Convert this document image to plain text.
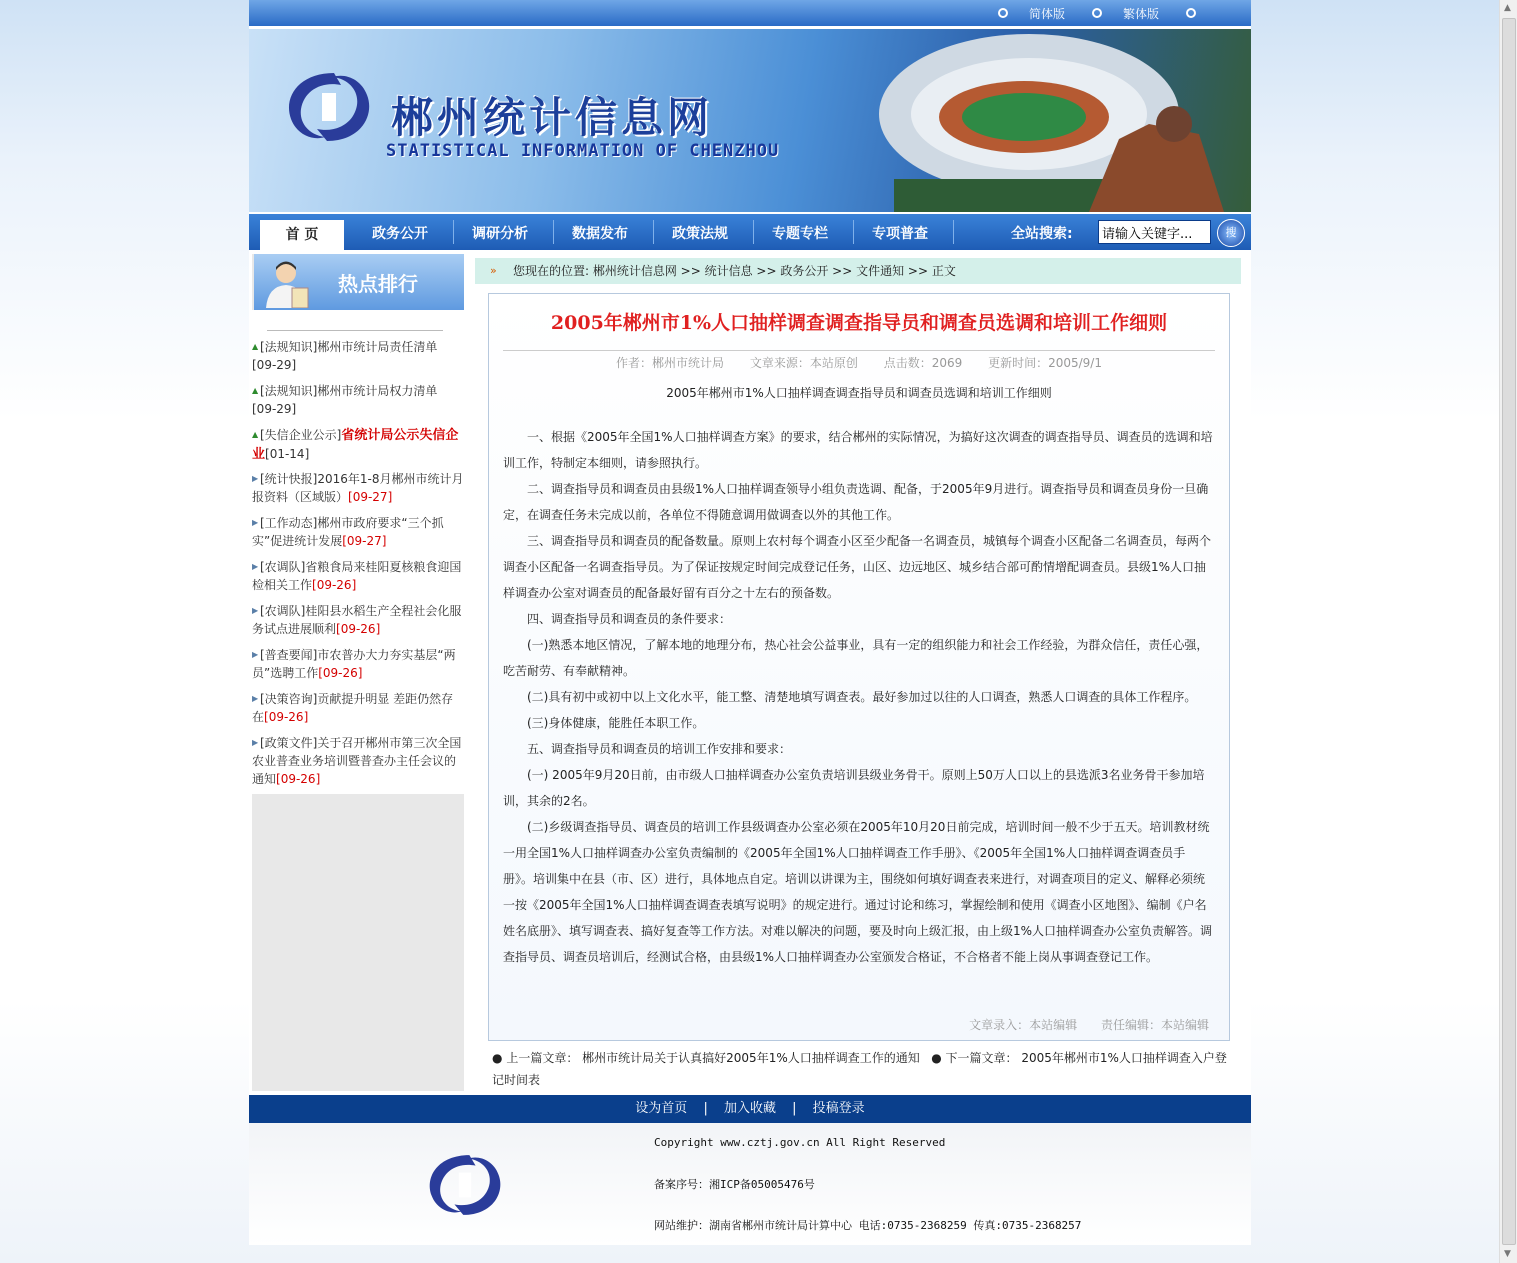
简体版	繁体版
郴州统计信息网
STATISTICAL INFORMATION OF CHENZHOU
首 页	政务公开	调研分析	数据发布	政策法规	专题专栏	专项普查	全站搜索:
请输入关键字...	搜
热点排行
▲ [法规知识]郴州市统计局责任清单
[09-29]
▲ [法规知识]郴州市统计局权力清单
[09-29]
▲ [失信企业公示]省统计局公示失信企业[01-14]
▶ [统计快报]2016年1-8月郴州市统计月报资料（区域版）[09-27]
▶ [工作动态]郴州市政府要求“三个抓实”促进统计发展[09-27]
▶ [农调队]省粮食局来桂阳夏核粮食迎国检相关工作[09-26]
▶ [农调队]桂阳县水稻生产全程社会化服务试点进展顺利[09-26]
▶ [普查要闻]市农普办大力夯实基层“两员”选聘工作[09-26]
▶ [决策咨询]贡献提升明显 差距仍然存在[09-26]
▶ [政策文件]关于召开郴州市第三次全国农业普查业务培训暨普查办主任会议的通知[09-26]
» 您现在的位置: 郴州统计信息网 >> 统计信息 >> 政务公开 >> 文件通知 >> 正文
2005年郴州市1%人口抽样调查调查指导员和调查员选调和培训工作细则
作者：郴州市统计局 文章来源：本站原创 点击数：2069 更新时间：2005/9/1
2005年郴州市1%人口抽样调查调查指导员和调查员选调和培训工作细则

一、根据《2005年全国1%人口抽样调查方案》的要求，结合郴州的实际情况，为搞好这次调查的调查指导员、调查员的选调和培训工作，特制定本细则，请参照执行。

二、调查指导员和调查员由县级1%人口抽样调查领导小组负责选调、配备，于2005年9月进行。调查指导员和调查员身份一旦确定，在调查任务未完成以前，各单位不得随意调用做调查以外的其他工作。

三、调查指导员和调查员的配备数量。原则上农村每个调查小区至少配备一名调查员，城镇每个调查小区配备二名调查员，每两个调查小区配备一名调查指导员。为了保证按规定时间完成登记任务，山区、边远地区、城乡结合部可酌情增配调查员。县级1%人口抽样调查办公室对调查员的配备最好留有百分之十左右的预备数。

四、调查指导员和调查员的条件要求：

(一)熟悉本地区情况，了解本地的地理分布，热心社会公益事业，具有一定的组织能力和社会工作经验，为群众信任，责任心强，吃苦耐劳、有奉献精神。

(二)具有初中或初中以上文化水平，能工整、清楚地填写调查表。最好参加过以往的人口调查，熟悉人口调查的具体工作程序。

(三)身体健康，能胜任本职工作。

五、调查指导员和调查员的培训工作安排和要求：

(一) 2005年9月20日前，由市级人口抽样调查办公室负责培训县级业务骨干。原则上50万人口以上的县选派3名业务骨干参加培训，其余的2名。

(二)乡级调查指导员、调查员的培训工作县级调查办公室必须在2005年10月20日前完成，培训时间一般不少于五天。培训教材统一用全国1%人口抽样调查办公室负责编制的《2005年全国1%人口抽样调查工作手册》、《2005年全国1%人口抽样调查调查员手册》。培训集中在县（市、区）进行，具体地点自定。培训以讲课为主，围绕如何填好调查表来进行，对调查项目的定义、解释必须统一按《2005年全国1%人口抽样调查调查表填写说明》的规定进行。通过讨论和练习，掌握绘制和使用《调查小区地图》、编制《户名姓名底册》、填写调查表、搞好复查等工作方法。对难以解决的问题，要及时向上级汇报，由上级1%人口抽样调查办公室负责解答。调查指导员、调查员培训后，经测试合格，由县级1%人口抽样调查办公室颁发合格证，不合格者不能上岗从事调查登记工作。

文章录入：本站编辑 责任编辑：本站编辑
● 上一篇文章： 郴州市统计局关于认真搞好2005年1%人口抽样调查工作的通知 ● 下一篇文章： 2005年郴州市1%人口抽样调查入户登记时间表
设为首页 | 加入收藏 | 投稿登录
Copyright www.cztj.gov.cn All Right Reserved
备案序号：湘ICP备05005476号
网站维护：湖南省郴州市统计局计算中心 电话:0735-2368259 传真:0735-2368257
▲
▼
